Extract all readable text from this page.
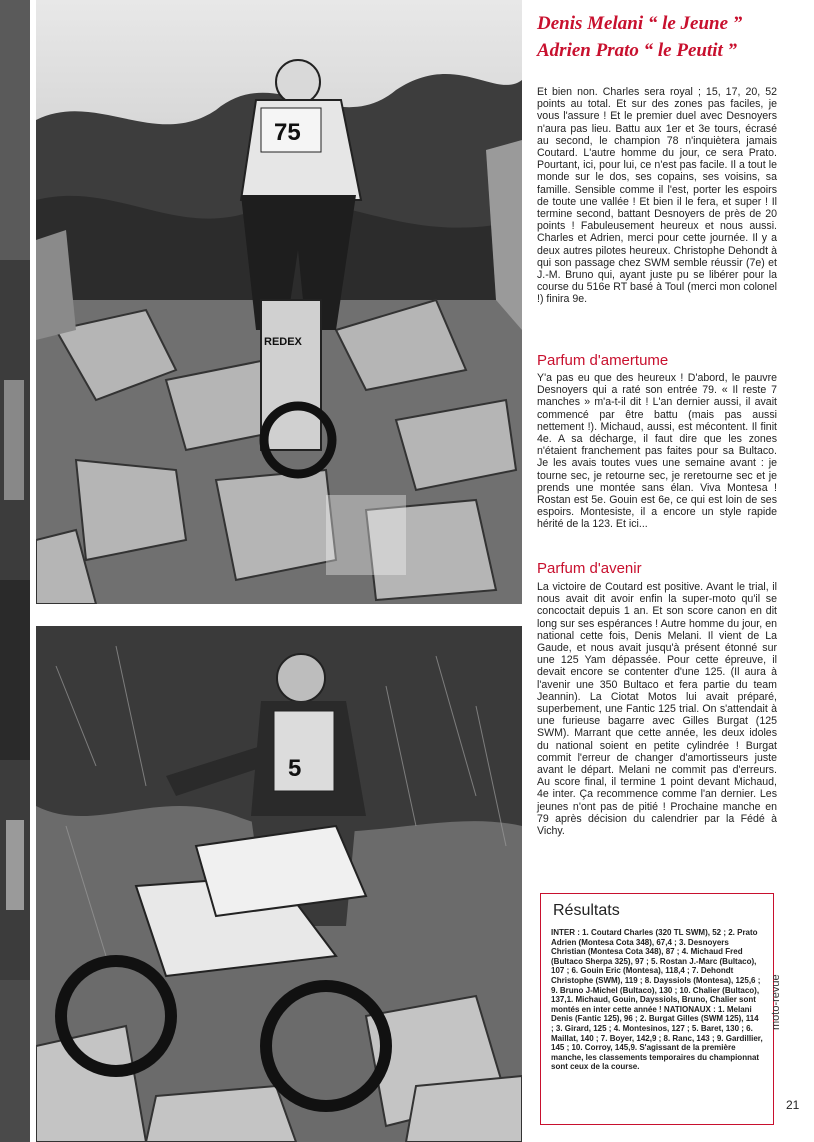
75
REDEX
5

Denis Melani “ le Jeune ”

Adrien Prato “ le Peutit ”

Et bien non. Charles sera royal ; 15, 17, 20, 52 points au total. Et sur des zones pas faciles, je vous l'assure ! Et le premier duel avec Desnoyers n'aura pas lieu. Battu aux 1er et 3e tours, écrasé au second, le champion 78 n'inquiètera jamais Coutard. L'autre homme du jour, ce sera Prato. Pourtant, ici, pour lui, ce n'est pas facile. Il a tout le monde sur le dos, ses copains, ses voisins, sa famille. Sensible comme il l'est, porter les espoirs de toute une vallée ! Et bien il le fera, et super ! Il termine second, battant Desnoyers de près de 20 points ! Fabuleusement heureux et nous aussi. Charles et Adrien, merci pour cette journée. Il y a deux autres pilotes heureux. Christophe Dehondt à qui son passage chez SWM semble réussir (7e) et J.-M. Bruno qui, ayant juste pu se libérer pour la course du 516e RT basé à Toul (merci mon colonel !) finira 9e.

Parfum d'amertume

Y'a pas eu que des heureux ! D'abord, le pauvre Desnoyers qui a raté son entrée 79. « Il reste 7 manches » m'a-t-il dit ! L'an dernier aussi, il avait commencé par être battu (mais pas aussi nettement !). Michaud, aussi, est mécontent. Il finit 4e. A sa décharge, il faut dire que les zones n'étaient franchement pas faites pour sa Bultaco. Je les avais toutes vues une semaine avant : je tourne sec, je retourne sec, je reretourne sec et je prends une montée sans élan. Viva Montesa ! Rostan est 5e. Gouin est 6e, ce qui est loin de ses espoirs. Montesiste, il a encore un style rapide hérité de la 123. Et ici...

Parfum d'avenir

La victoire de Coutard est positive. Avant le trial, il nous avait dit avoir enfin la super-moto qu'il se concoctait depuis 1 an. Et son score canon en dit long sur ses espérances ! Autre homme du jour, en national cette fois, Denis Melani. Il vient de La Gaude, et nous avait jusqu'à présent étonné sur une 125 Yam dépassée. Pour cette épreuve, il devait encore se contenter d'une 125. (Il aura à l'avenir une 350 Bultaco et fera partie du team Jeannin). La Ciotat Motos lui avait préparé, superbement, une Fantic 125 trial. On s'attendait à une furieuse bagarre avec Gilles Burgat (125 SWM). Marrant que cette année, les deux idoles du national soient en petite cylindrée ! Burgat commit l'erreur de changer d'amortisseurs juste avant le départ. Melani ne commit pas d'erreurs. Au score final, il termine 1 point devant Michaud, 4e inter. Ça recommence comme l'an dernier. Les jeunes n'ont pas de pitié ! Prochaine manche en 79 après décision du calendrier par la Fédé à Vichy.

Résultats

INTER : 1. Coutard Charles (320 TL SWM), 52 ; 2. Prato Adrien (Montesa Cota 348), 67,4 ; 3. Desnoyers Christian (Montesa Cota 348), 87 ; 4. Michaud Fred (Bultaco Sherpa 325), 97 ; 5. Rostan J.-Marc (Bultaco), 107 ; 6. Gouin Eric (Montesa), 118,4 ; 7. Dehondt Christophe (SWM), 119 ; 8. Dayssiols (Montesa), 125,6 ; 9. Bruno J-Michel (Bultaco), 130 ; 10. Chalier (Bultaco), 137,1. Michaud, Gouin, Dayssiols, Bruno, Chalier sont montés en inter cette année ! NATIONAUX : 1. Melani Denis (Fantic 125), 96 ; 2. Burgat Gilles (SWM 125), 114 ; 3. Girard, 125 ; 4. Montesinos, 127 ; 5. Baret, 130 ; 6. Maillat, 140 ; 7. Boyer, 142,9 ; 8. Ranc, 143 ; 9. Gardillier, 145 ; 10. Corroy, 145,9. S'agissant de la première manche, les classements temporaires du championnat sont ceux de la course.

moto-revue
21
